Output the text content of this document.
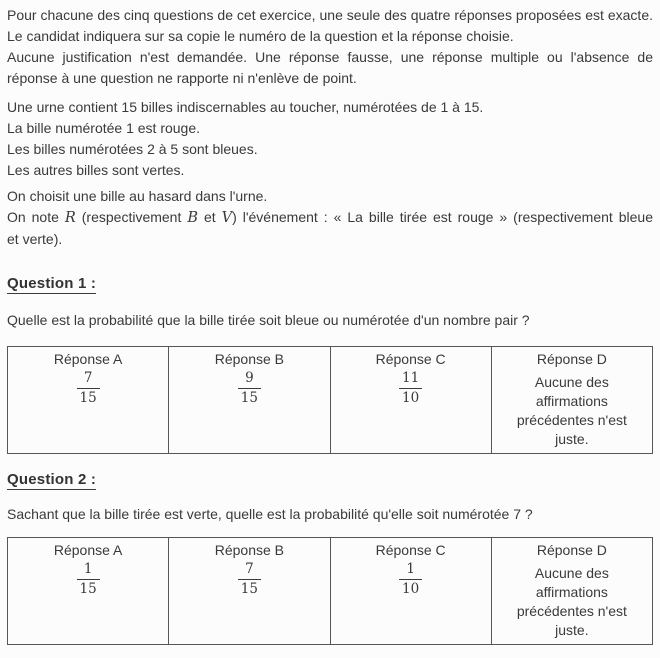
Pour chacune des cinq questions de cet exercice, une seule des quatre réponses proposées est exacte.
Le candidat indiquera sur sa copie le numéro de la question et la réponse choisie.
Aucune justification n'est demandée. Une réponse fausse, une réponse multiple ou l'absence de
réponse à une question ne rapporte ni n'enlève de point.
Une urne contient 15 billes indiscernables au toucher, numérotées de 1 à 15.
La bille numérotée 1 est rouge.
Les billes numérotées 2 à 5 sont bleues.
Les autres billes sont vertes.
On choisit une bille au hasard dans l'urne.
On note R (respectivement B et V) l'événement : « La bille tirée est rouge » (respectivement bleue
et verte).
Question 1 :
Quelle est la probabilité que la bille tirée soit bleue ou numérotée d'un nombre pair ?
Réponse A
$\frac{7}{15}$

Réponse B
$\frac{9}{15}$

Réponse C
$\frac{11}{10}$

Réponse D
Aucune des affirmations précédentes n'est juste.
Question 2 :
Sachant que la bille tirée est verte, quelle est la probabilité qu'elle soit numérotée 7 ?
Réponse A
$\frac{1}{15}$

Réponse B
$\frac{7}{15}$

Réponse C
$\frac{1}{10}$

Réponse D
Aucune des affirmations précédentes n'est juste.
